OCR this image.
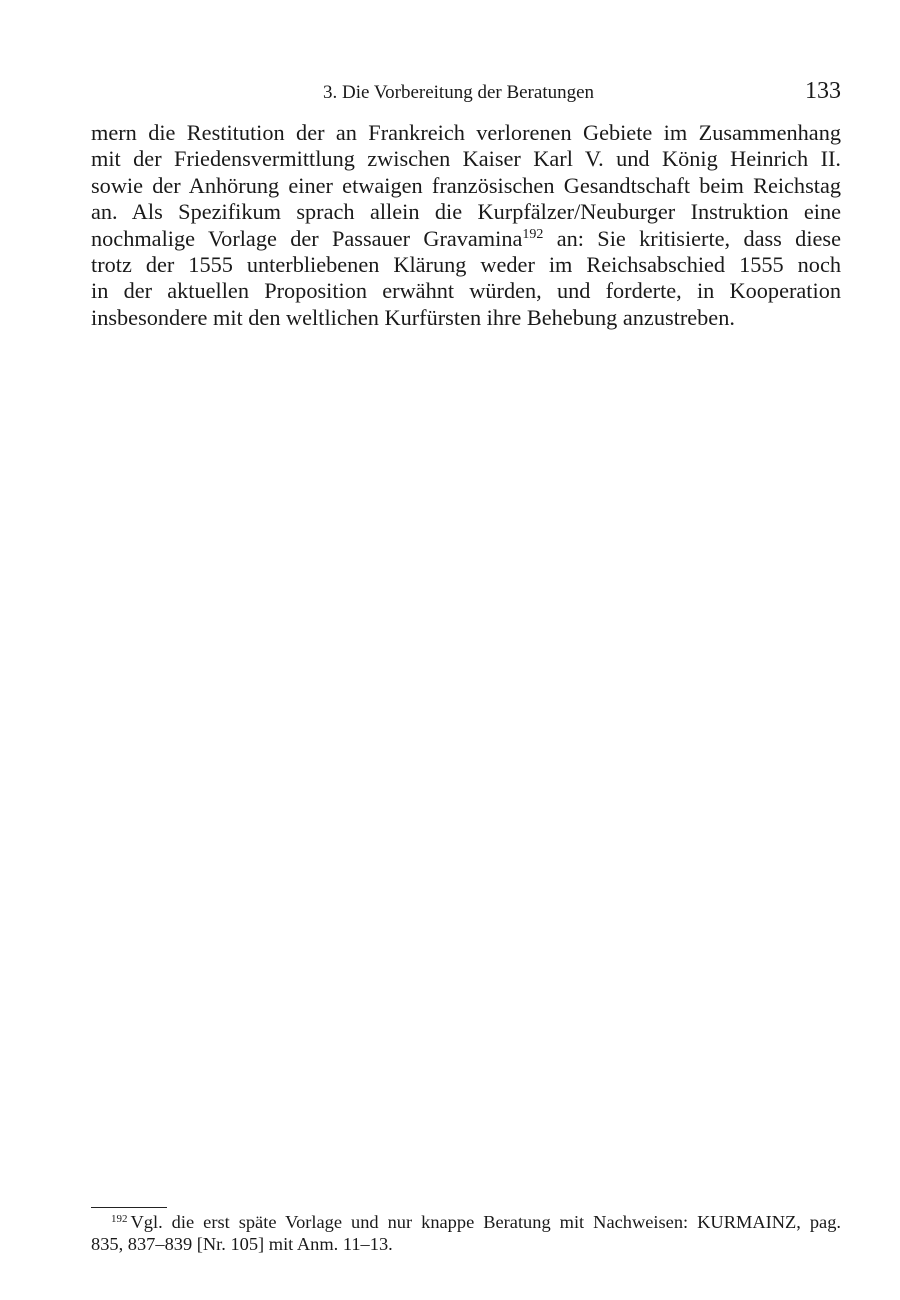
3. Die Vorbereitung der Beratungen	133
mern die Restitution der an Frankreich verlorenen Gebiete im Zusammenhang
mit der Friedensvermittlung zwischen Kaiser Karl V. und König Heinrich II.
sowie der Anhörung einer etwaigen französischen Gesandtschaft beim Reichstag
an. Als Spezifikum sprach allein die Kurpfälzer/Neuburger Instruktion eine
nochmalige Vorlage der Passauer Gravamina$^{192}$ an: Sie kritisierte, dass diese
trotz der 1555 unterbliebenen Klärung weder im Reichsabschied 1555 noch
in der aktuellen Proposition erwähnt würden, und forderte, in Kooperation
insbesondere mit den weltlichen Kurfürsten ihre Behebung anzustreben.
$^{192}$ Vgl. die erst späte Vorlage und nur knappe Beratung mit Nachweisen: KURMAINZ, pag.
835, 837–839 [Nr. 105] mit Anm. 11–13.
